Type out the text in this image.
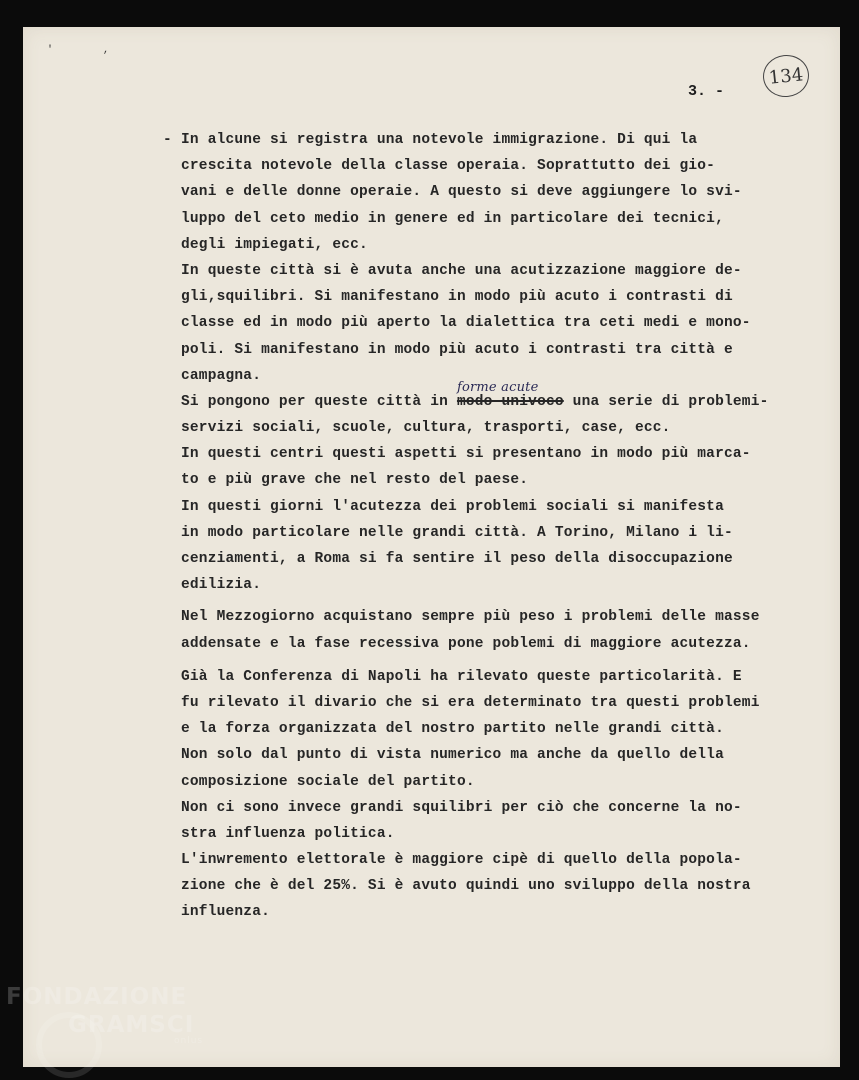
' ,
3. -
134
- In alcune si registra una notevole immigrazione. Di qui la
crescita notevole della classe operaia. Soprattutto dei gio-
vani e delle donne operaie. A questo si deve aggiungere lo svi-
luppo del ceto medio in genere ed in particolare dei tecnici,
degli impiegati, ecc.
In queste città si è avuta anche una acutizzazione maggiore de-
gli,squilibri. Si manifestano in modo più acuto i contrasti di
classe ed in modo più aperto la dialettica tra ceti medi e mono-
poli. Si manifestano in modo più acuto i contrasti tra città e
campagna.
Si pongono per queste città in
forme acute
modo univoco una serie di problemi-
servizi sociali, scuole, cultura, trasporti, case, ecc.
In questi centri questi aspetti si presentano in modo più marca-
to e più grave che nel resto del paese.
In questi giorni l'acutezza dei problemi sociali si manifesta
in modo particolare nelle grandi città. A Torino, Milano i li-
cenziamenti, a Roma si fa sentire il peso della disoccupazione
edilizia.
Nel Mezzogiorno acquistano sempre più peso i problemi delle masse
addensate e la fase recessiva pone poblemi di maggiore acutezza.
Già la Conferenza di Napoli ha rilevato queste particolarità. E
fu rilevato il divario che si era determinato tra questi problemi
e la forza organizzata del nostro partito nelle grandi città.
Non solo dal punto di vista numerico ma anche da quello della
composizione sociale del partito.
Non ci sono invece grandi squilibri per ciò che concerne la no-
stra influenza politica.
L'inwremento elettorale è maggiore cipè di quello della popola-
zione che è del 25%. Si è avuto quindi uno sviluppo della nostra
influenza.
FONDAZIONE
GRAMSCI
onlus
